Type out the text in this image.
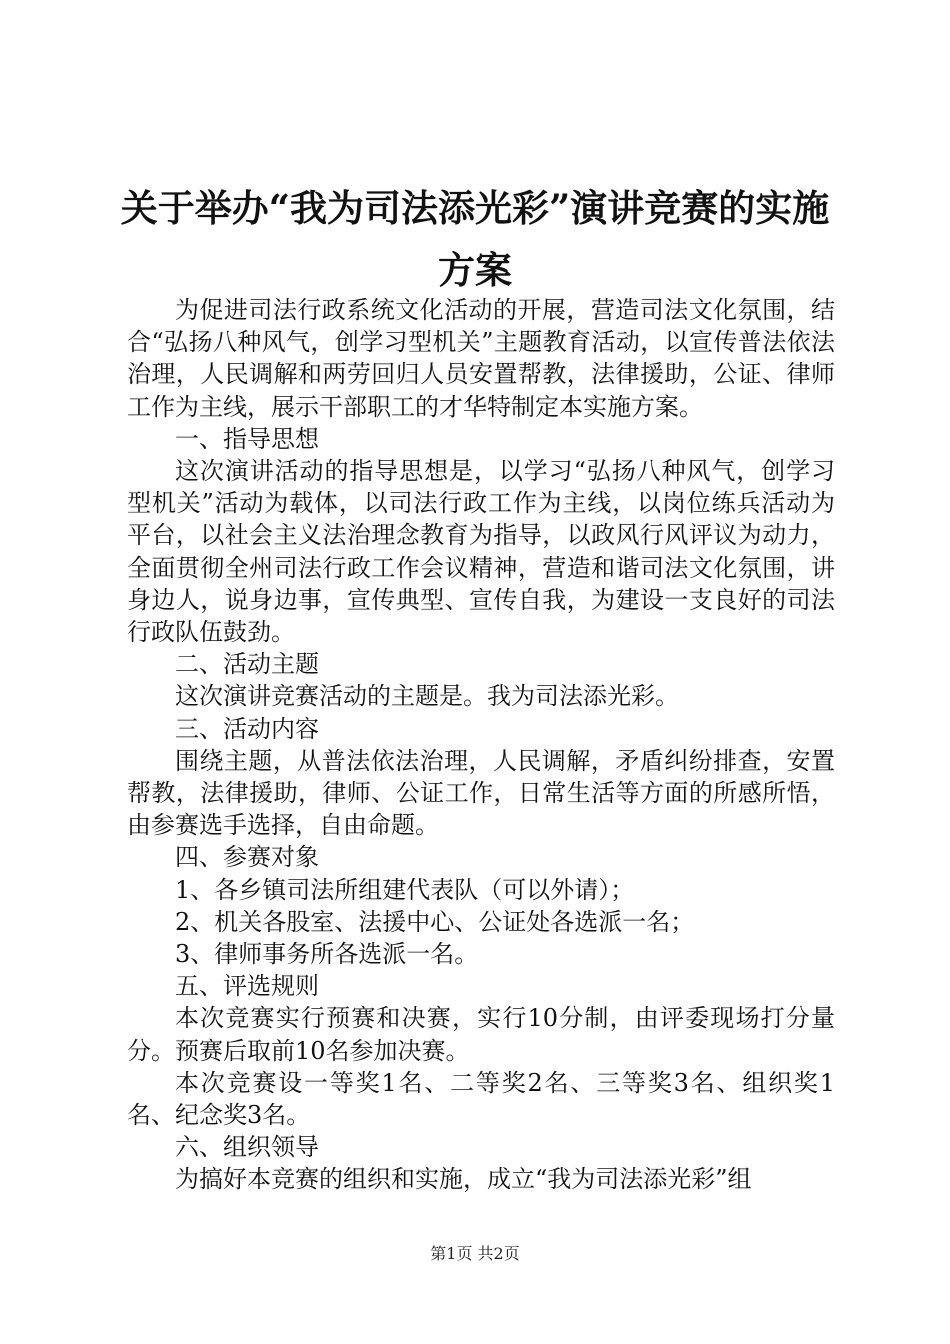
关于举办“我为司法添光彩”演讲竞赛的实施
方案

为促进司法行政系统文化活动的开展，营造司法文化氛围，结合“弘扬八种风气，创学习型机关”主题教育活动，以宣传普法依法治理，人民调解和两劳回归人员安置帮教，法律援助，公证、律师工作为主线，展示干部职工的才华特制定本实施方案。

一、指导思想

这次演讲活动的指导思想是，以学习“弘扬八种风气，创学习型机关”活动为载体，以司法行政工作为主线，以岗位练兵活动为平台，以社会主义法治理念教育为指导，以政风行风评议为动力，全面贯彻全州司法行政工作会议精神，营造和谐司法文化氛围，讲身边人，说身边事，宣传典型、宣传自我，为建设一支良好的司法行政队伍鼓劲。

二、活动主题

这次演讲竞赛活动的主题是。我为司法添光彩。

三、活动内容

围绕主题，从普法依法治理，人民调解，矛盾纠纷排查，安置帮教，法律援助，律师、公证工作，日常生活等方面的所感所悟，由参赛选手选择，自由命题。

四、参赛对象

1、各乡镇司法所组建代表队（可以外请）；

2、机关各股室、法援中心、公证处各选派一名；

3、律师事务所各选派一名。

五、评选规则

本次竞赛实行预赛和决赛，实行10分制，由评委现场打分量分。预赛后取前10名参加决赛。

本次竞赛设一等奖1名、二等奖2名、三等奖3名、组织奖1名、纪念奖3名。

六、组织领导

为搞好本竞赛的组织和实施，成立“我为司法添光彩”组

第1页 共2页
